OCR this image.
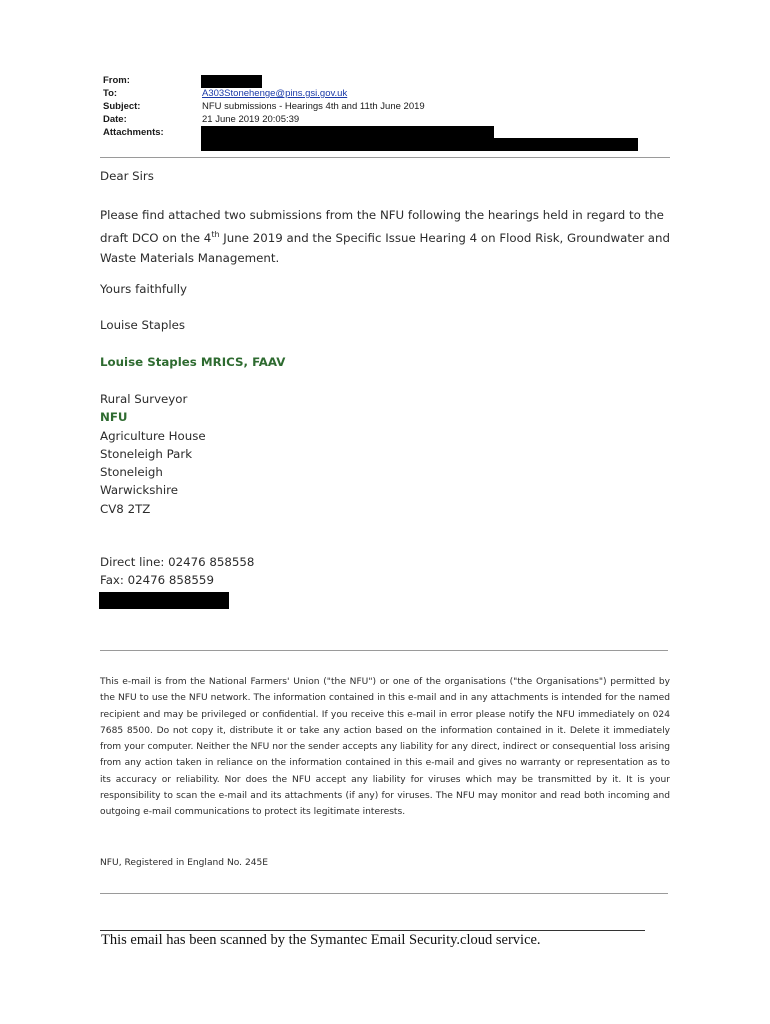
From:
To:	A303Stonehenge@pins.gsi.gov.uk
Subject:	NFU submissions - Hearings 4th and 11th June 2019
Date:	21 June 2019 20:05:39
Attachments:
Dear Sirs
Please find attached two submissions from the NFU following the hearings held in regard to the draft DCO on the 4th June 2019 and the Specific Issue Hearing 4 on Flood Risk, Groundwater and Waste Materials Management.
Yours faithfully
Louise Staples
Louise Staples MRICS, FAAV
Rural Surveyor
NFU
Agriculture House
Stoneleigh Park
Stoneleigh
Warwickshire
CV8 2TZ
Direct line: 02476 858558
Fax: 02476 858559
This e-mail is from the National Farmers' Union ("the NFU") or one of the organisations ("the Organisations") permitted by the NFU to use the NFU network. The information contained in this e-mail and in any attachments is intended for the named recipient and may be privileged or confidential. If you receive this e-mail in error please notify the NFU immediately on 024 7685 8500. Do not copy it, distribute it or take any action based on the information contained in it. Delete it immediately from your computer. Neither the NFU nor the sender accepts any liability for any direct, indirect or consequential loss arising from any action taken in reliance on the information contained in this e-mail and gives no warranty or representation as to its accuracy or reliability. Nor does the NFU accept any liability for viruses which may be transmitted by it. It is your responsibility to scan the e-mail and its attachments (if any) for viruses. The NFU may monitor and read both incoming and outgoing e-mail communications to protect its legitimate interests.
NFU, Registered in England No. 245E
This email has been scanned by the Symantec Email Security.cloud service.
